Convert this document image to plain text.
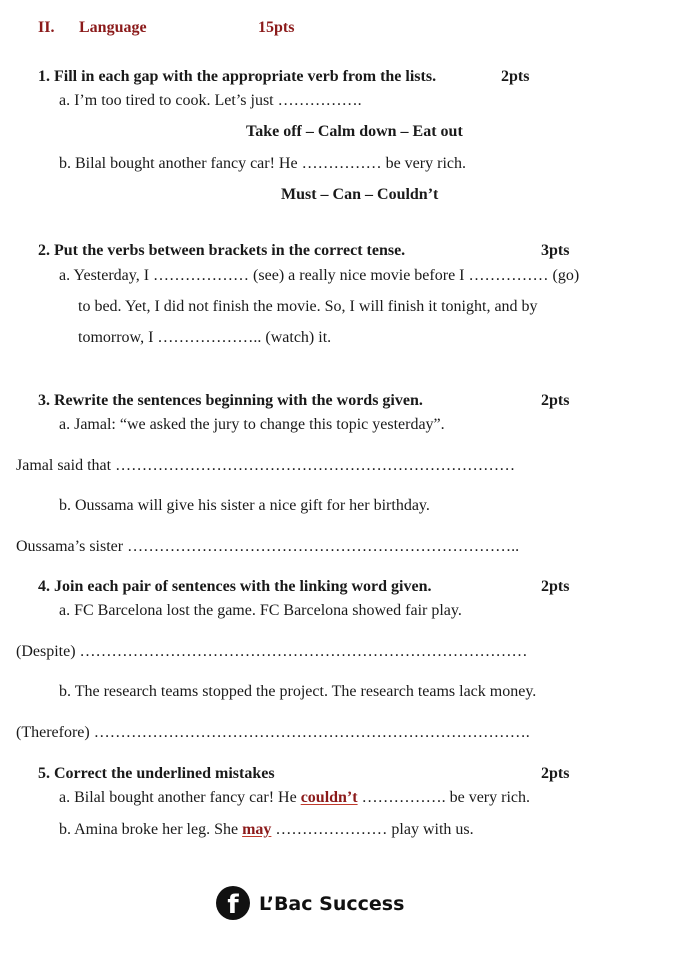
II. Language	15pts
1. Fill in each gap with the appropriate verb from the lists.	2pts
a. I’m too tired to cook. Let’s just …………….
Take off – Calm down – Eat out
b. Bilal bought another fancy car! He …………… be very rich.
Must – Can – Couldn’t
2. Put the verbs between brackets in the correct tense.	3pts
a. Yesterday, I ……………… (see) a really nice movie before I …………… (go)
to bed. Yet, I did not finish the movie. So, I will finish it tonight, and by
tomorrow, I ……………….. (watch) it.
3. Rewrite the sentences beginning with the words given.	2pts
a. Jamal: “we asked the jury to change this topic yesterday”.
Jamal said that …………………………………………………………………
b. Oussama will give his sister a nice gift for her birthday.
Oussama’s sister ………………………………………………………………..
4. Join each pair of sentences with the linking word given.	2pts
a. FC Barcelona lost the game. FC Barcelona showed fair play.
(Despite) …………………………………………………………………………
b. The research teams stopped the project. The research teams lack money.
(Therefore) ……………………………………………………………………….
5. Correct the underlined mistakes	2pts
a. Bilal bought another fancy car! He couldn’t ……………. be very rich.
b. Amina broke her leg. She may ………………… play with us.
f L’Bac Success
